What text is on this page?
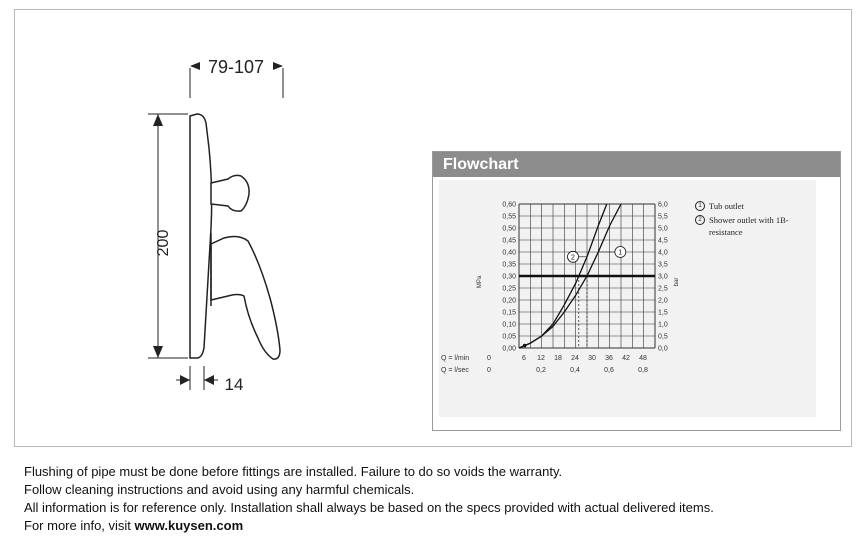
79-107
200
14
Flowchart
0,00	0,0
0,05	0,5
0,10	1,0
0,15	1,5
0,20	2,0
0,25	2,5
0,30	3,0
0,35	3,5
0,40	4,0
0,45	4,5
0,50	5,0
0,55	5,5
0,60	6,0
MPa	bar
Q = l/min	0	6 12 18 24 30 36 42 48
Q = l/sec	0	0,2	0,4	0,6	0,8
1
2
1 Tub outlet
2 Shower outlet with 1B-resistance
Flushing of pipe must be done before fittings are installed. Failure to do so voids the warranty.
Follow cleaning instructions and avoid using any harmful chemicals.
All information is for reference only. Installation shall always be based on the specs provided with actual delivered items.
For more info, visit www.kuysen.com
